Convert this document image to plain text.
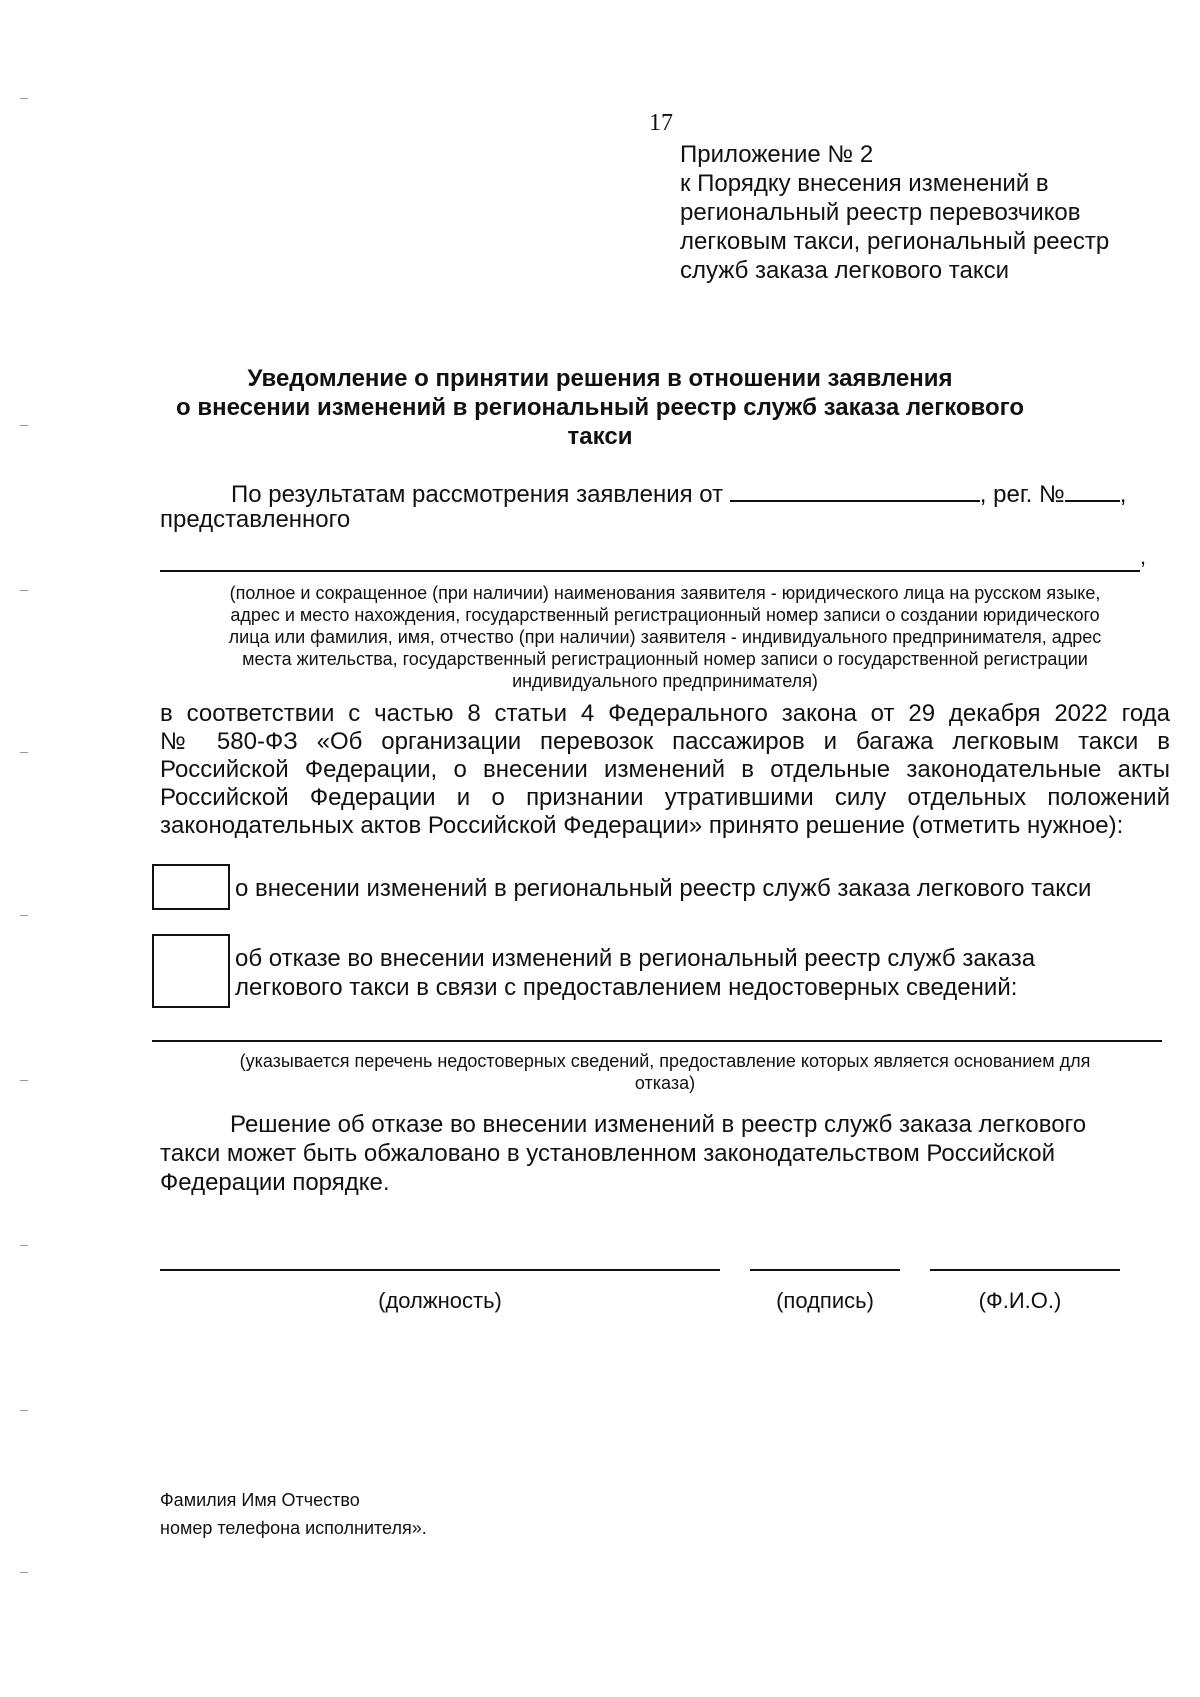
17
Приложение № 2
к Порядку внесения изменений в
региональный реестр перевозчиков
легковым такси, региональный реестр
служб заказа легкового такси
Уведомление о принятии решения в отношении заявления
о внесении изменений в региональный реестр служб заказа легкового такси
По результатам рассмотрения заявления от	, рег. № ,
представленного
,
(полное и сокращенное (при наличии) наименования заявителя - юридического лица на русском языке,
адрес и место нахождения, государственный регистрационный номер записи о создании юридического
лица или фамилия, имя, отчество (при наличии) заявителя - индивидуального предпринимателя, адрес
места жительства, государственный регистрационный номер записи о государственной регистрации
индивидуального предпринимателя)
в соответствии с частью 8 статьи 4 Федерального закона от 29 декабря 2022 года
№ 580-ФЗ «Об организации перевозок пассажиров и багажа легковым такси в
Российской Федерации, о внесении изменений в отдельные законодательные акты
Российской Федерации и о признании утратившими силу отдельных положений
законодательных актов Российской Федерации» принято решение (отметить нужное):
о внесении изменений в региональный реестр служб заказа легкового такси
об отказе во внесении изменений в региональный реестр служб заказа
легкового такси в связи с предоставлением недостоверных сведений:
(указывается перечень недостоверных сведений, предоставление которых является основанием для
отказа)
Решение об отказе во внесении изменений в реестр служб заказа легкового
такси может быть обжаловано в установленном законодательством Российской
Федерации порядке.
(должность)	(подпись)	(Ф.И.О.)
Фамилия Имя Отчество
номер телефона исполнителя».
